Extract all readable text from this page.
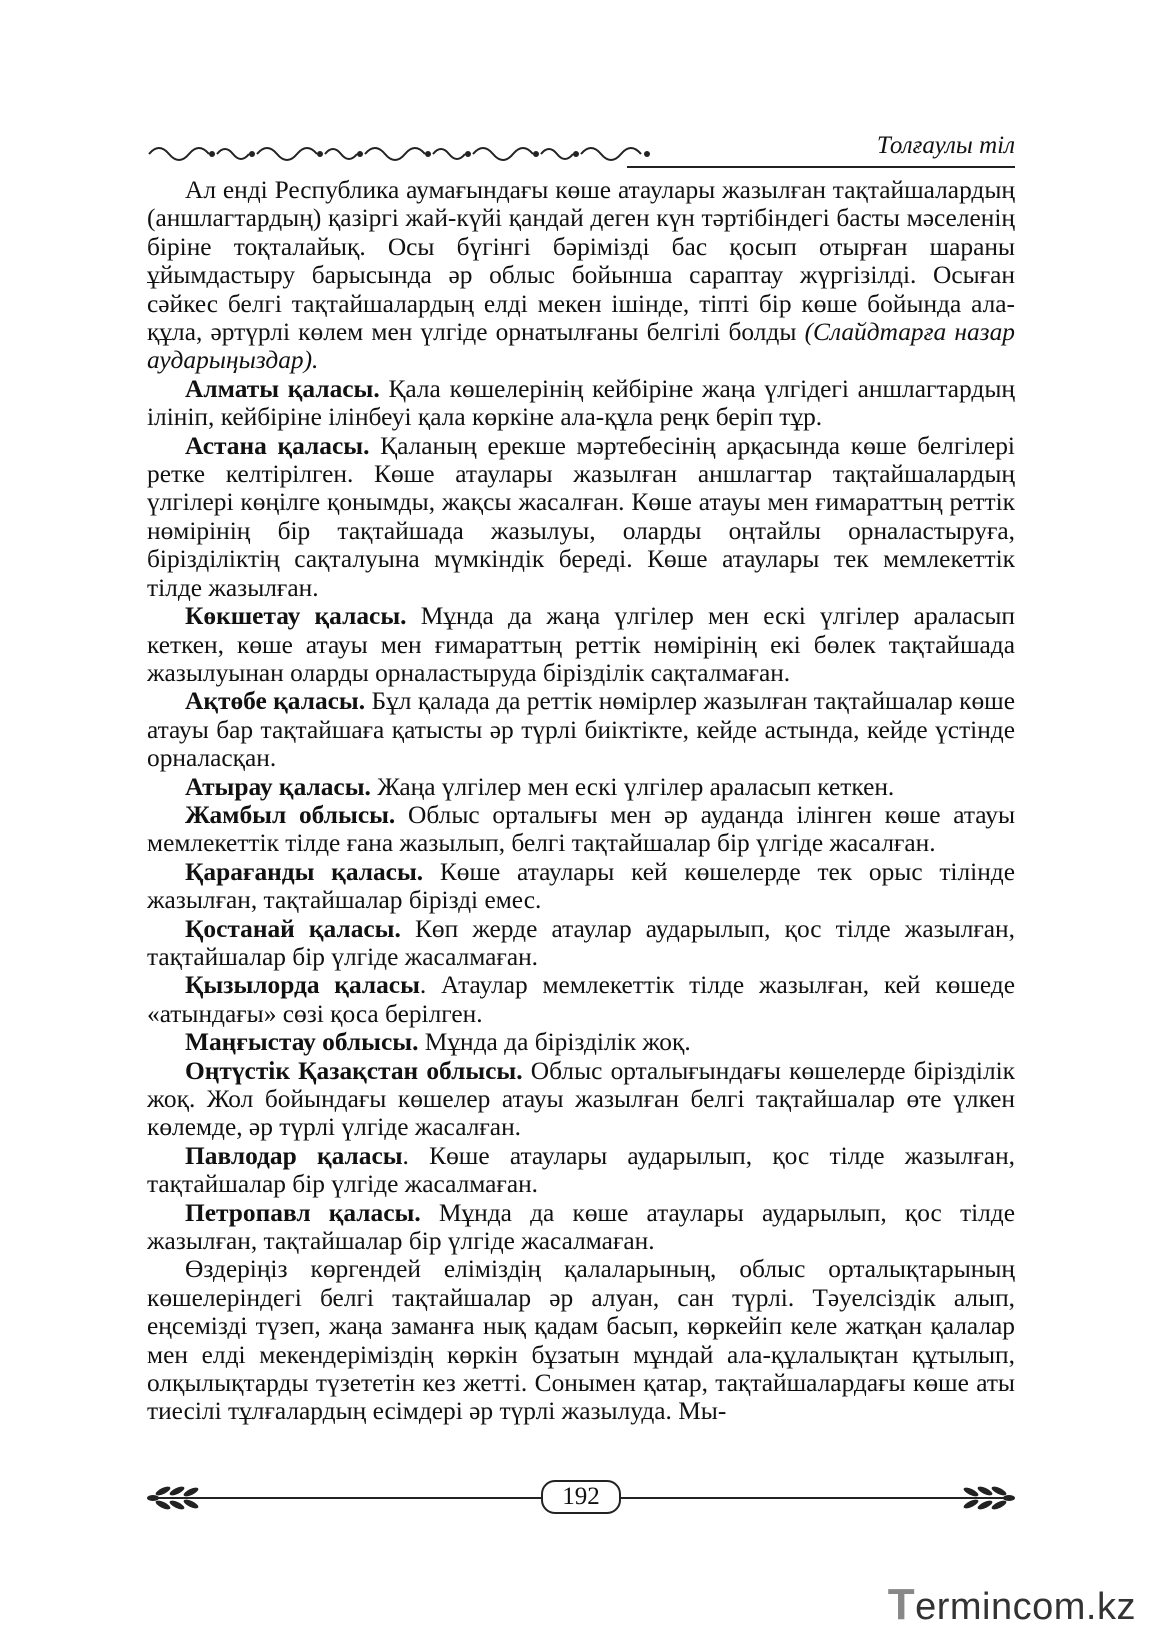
Толғаулы тіл

Ал енді Республика аумағындағы көше атаулары жазылған тақтайшалардың (аншлагтардың) қазіргі жай-күйі қандай деген күн тәртібіндегі басты мәселенің біріне тоқталайық. Осы бүгінгі бәрімізді бас қосып отырған шараны ұйымдастыру барысында әр облыс бойынша сараптау жүргізілді. Осыған сәйкес белгі тақтайшалардың елді мекен ішінде, тіпті бір көше бойында ала-құла, әртүрлі көлем мен үлгіде орнатылғаны белгілі болды (Слайдтарға назар аударыңыздар).

Алматы қаласы. Қала көшелерінің кейбіріне жаңа үлгідегі аншлагтардың ілініп, кейбіріне ілінбеуі қала көркіне ала-құла реңк беріп тұр.

Астана қаласы. Қаланың ерекше мәртебесінің арқасында көше белгілері ретке келтірілген. Көше атаулары жазылған аншлагтар тақтайшалардың үлгілері көңілге қонымды, жақсы жасалған. Көше атауы мен ғимараттың реттік нөмірінің бір тақтайшада жазылуы, оларды оңтайлы орналастыруға, бірізділіктің сақталуына мүмкіндік береді. Көше атаулары тек мемлекеттік тілде жазылған.

Көкшетау қаласы. Мұнда да жаңа үлгілер мен ескі үлгілер араласып кеткен, көше атауы мен ғимараттың реттік нөмірінің екі бөлек тақтайшада жазылуынан оларды орналастыруда біріздiлік сақталмаған.

Ақтөбе қаласы. Бұл қалада да реттік нөмірлер жазылған тақтайшалар көше атауы бар тақтайшаға қатысты әр түрлі биіктікте, кейде астында, кейде үстінде орналасқан.

Атырау қаласы. Жаңа үлгілер мен ескі үлгілер араласып кеткен.

Жамбыл облысы. Облыс орталығы мен әр ауданда ілінген көше атауы мемлекеттік тілде ғана жазылып, белгі тақтайшалар бір үлгіде жасалған.

Қарағанды қаласы. Көше атаулары кей көшелерде тек орыс тілінде жазылған, тақтайшалар бірізді емес.

Қостанай қаласы. Көп жерде атаулар аударылып, қос тілде жазылған, тақтайшалар бір үлгіде жасалмаған.

Қызылорда қаласы. Атаулар мемлекеттік тілде жазылған, кей көшеде «атындағы» сөзі қоса берілген.

Маңғыстау облысы. Мұнда да біріздiлік жоқ.

Оңтүстік Қазақстан облысы. Облыс орталығындағы көшелерде біріздiлік жоқ. Жол бойындағы көшелер атауы жазылған белгі тақтайшалар өте үлкен көлемде, әр түрлі үлгіде жасалған.

Павлодар қаласы. Көше атаулары аударылып, қос тілде жазылған, тақтайшалар бір үлгіде жасалмаған.

Петропавл қаласы. Мұнда да көше атаулары аударылып, қос тілде жазылған, тақтайшалар бір үлгіде жасалмаған.

Өздеріңіз көргендей еліміздің қалаларының, облыс орталықтарының көшелеріндегі белгі тақтайшалар әр алуан, сан түрлі. Тәуелсіздік алып, еңсемізді түзеп, жаңа заманға нық қадам басып, көркейіп келе жатқан қалалар мен елді мекендеріміздің көркін бұзатын мұндай ала-құлалықтан құтылып, олқылықтарды түзететін кез жетті. Сонымен қатар, тақтайшалардағы көше аты тиесілі тұлғалардың есімдері әр түрлі жазылуда. Мы-

192
Termincom.kz
